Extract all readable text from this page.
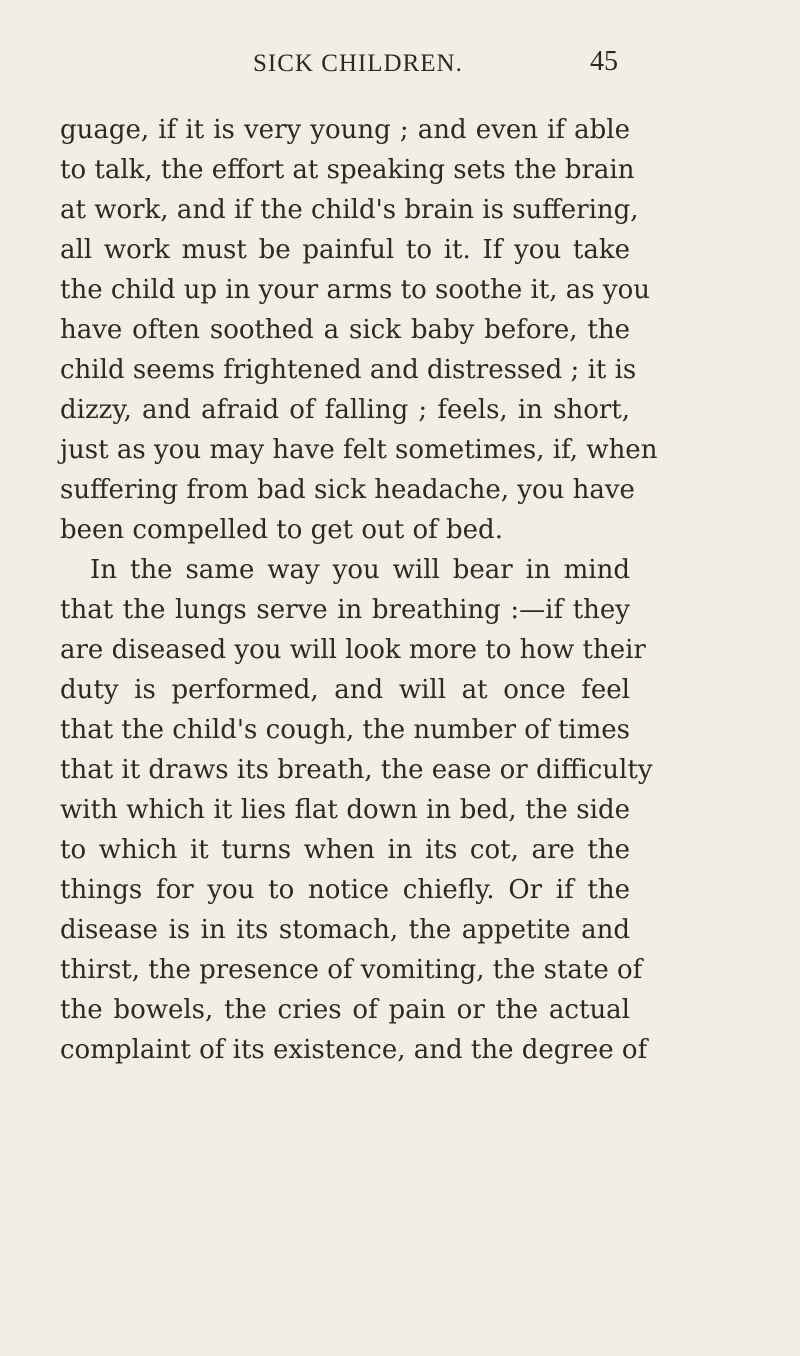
SICK CHILDREN.	45
guage, if it is very young ; and even if able
to talk, the effort at speaking sets the brain
at work, and if the child's brain is suffering,
all work must be painful to it. If you take
the child up in your arms to soothe it, as you
have often soothed a sick baby before, the
child seems frightened and distressed ; it is
dizzy, and afraid of falling ; feels, in short,
just as you may have felt sometimes, if, when
suffering from bad sick headache, you have
been compelled to get out of bed.
In the same way you will bear in mind
that the lungs serve in breathing :—if they
are diseased you will look more to how their
duty is performed, and will at once feel
that the child's cough, the number of times
that it draws its breath, the ease or difficulty
with which it lies flat down in bed, the side
to which it turns when in its cot, are the
things for you to notice chiefly. Or if the
disease is in its stomach, the appetite and
thirst, the presence of vomiting, the state of
the bowels, the cries of pain or the actual
complaint of its existence, and the degree of
